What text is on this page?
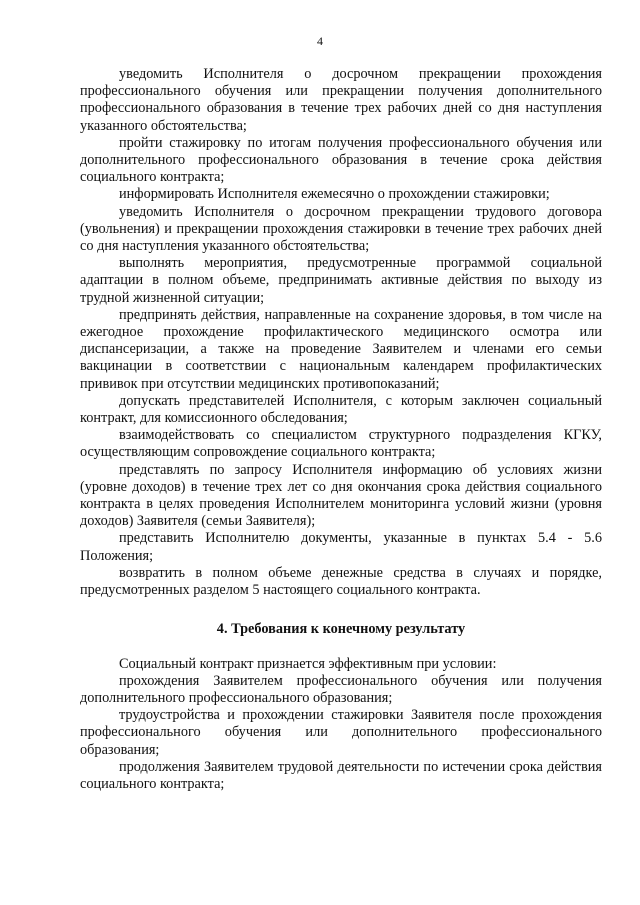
4

уведомить Исполнителя о досрочном прекращении прохождения профессионального обучения или прекращении получения дополнительного профессионального образования в течение трех рабочих дней со дня наступления указанного обстоятельства;

пройти стажировку по итогам получения профессионального обучения или дополнительного профессионального образования в течение срока действия социального контракта;

информировать Исполнителя ежемесячно о прохождении стажировки;

уведомить Исполнителя о досрочном прекращении трудового договора (увольнения) и прекращении прохождения стажировки в течение трех рабочих дней со дня наступления указанного обстоятельства;

выполнять мероприятия, предусмотренные программой социальной адаптации в полном объеме, предпринимать активные действия по выходу из трудной жизненной ситуации;

предпринять действия, направленные на сохранение здоровья, в том числе на ежегодное прохождение профилактического медицинского осмотра или диспансеризации, а также на проведение Заявителем и членами его семьи вакцинации в соответствии с национальным календарем профилактических прививок при отсутствии медицинских противопоказаний;

допускать представителей Исполнителя, с которым заключен социальный контракт, для комиссионного обследования;

взаимодействовать со специалистом структурного подразделения КГКУ, осуществляющим сопровождение социального контракта;

представлять по запросу Исполнителя информацию об условиях жизни (уровне доходов) в течение трех лет со дня окончания срока действия социального контракта в целях проведения Исполнителем мониторинга условий жизни (уровня доходов) Заявителя (семьи Заявителя);

представить Исполнителю документы, указанные в пунктах 5.4 - 5.6 Положения;

возвратить в полном объеме денежные средства в случаях и порядке, предусмотренных разделом 5 настоящего социального контракта.

4. Требования к конечному результату

Социальный контракт признается эффективным при условии:

прохождения Заявителем профессионального обучения или получения дополнительного профессионального образования;

трудоустройства и прохождении стажировки Заявителя после прохождения профессионального обучения или дополнительного профессионального образования;

продолжения Заявителем трудовой деятельности по истечении срока действия социального контракта;
